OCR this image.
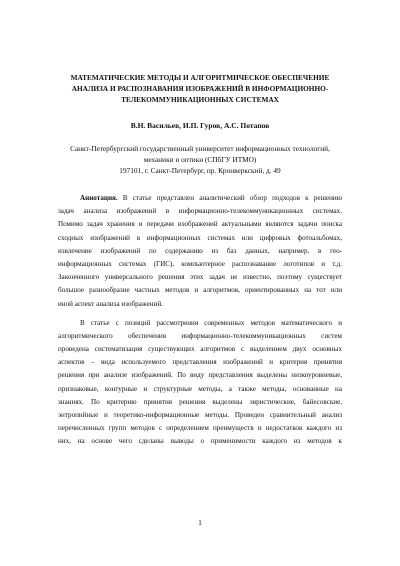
МАТЕМАТИЧЕСКИЕ МЕТОДЫ И АЛГОРИТМИЧЕСКОЕ ОБЕСПЕЧЕНИЕ
АНАЛИЗА И РАСПОЗНАВАНИЯ ИЗОБРАЖЕНИЙ В ИНФОРМАЦИОННО-
ТЕЛЕКОММУНИКАЦИОННЫХ СИСТЕМАХ
В.Н. Васильев, И.П. Гуров, А.С. Потапов
Санкт-Петербургский государственный университет информационных технологий,
механики и оптики (СПбГУ ИТМО)
197101, г. Санкт-Петербург, пр. Кронверкский, д. 49
Аннотация. В статье представлен аналитический обзор подходов к решению
задач анализа изображений в информационно-телекоммуникационных системах.
Помимо задач хранения и передачи изображений актуальными являются задачи поиска
сходных изображений в информационных системах или цифровых фотоальбомах,
извлечение изображений по содержанию из баз данных, например, в гео-
информационных системах (ГИС), компьютерное распознавание логотипов и т.д.
Законченного универсального решения этих задач не известно, поэтому существует
большое разнообразие частных методов и алгоритмов, ориентированных на тот или
иной аспект анализа изображений.
В статье с позиций рассмотрения современных методов математического и
алгоритмического обеспечения информационно-телекоммуникационных систем
проведена систематизация существующих алгоритмов с выделением двух основных
аспектов – вида используемого представления изображений и критерия принятия
решения при анализе изображений. По виду представления выделены низкоуровневые,
признаковые, контурные и структурные методы, а также методы, основанные на
знаниях. По критерию принятия решения выделены эвристические, байесовские,
энтропийные и теоретико-информационные методы. Проведен сравнительный анализ
перечисленных групп методов с определением преимуществ и недостатков каждого из
них, на основе чего сделаны выводы о применимости каждого из методов к
1
